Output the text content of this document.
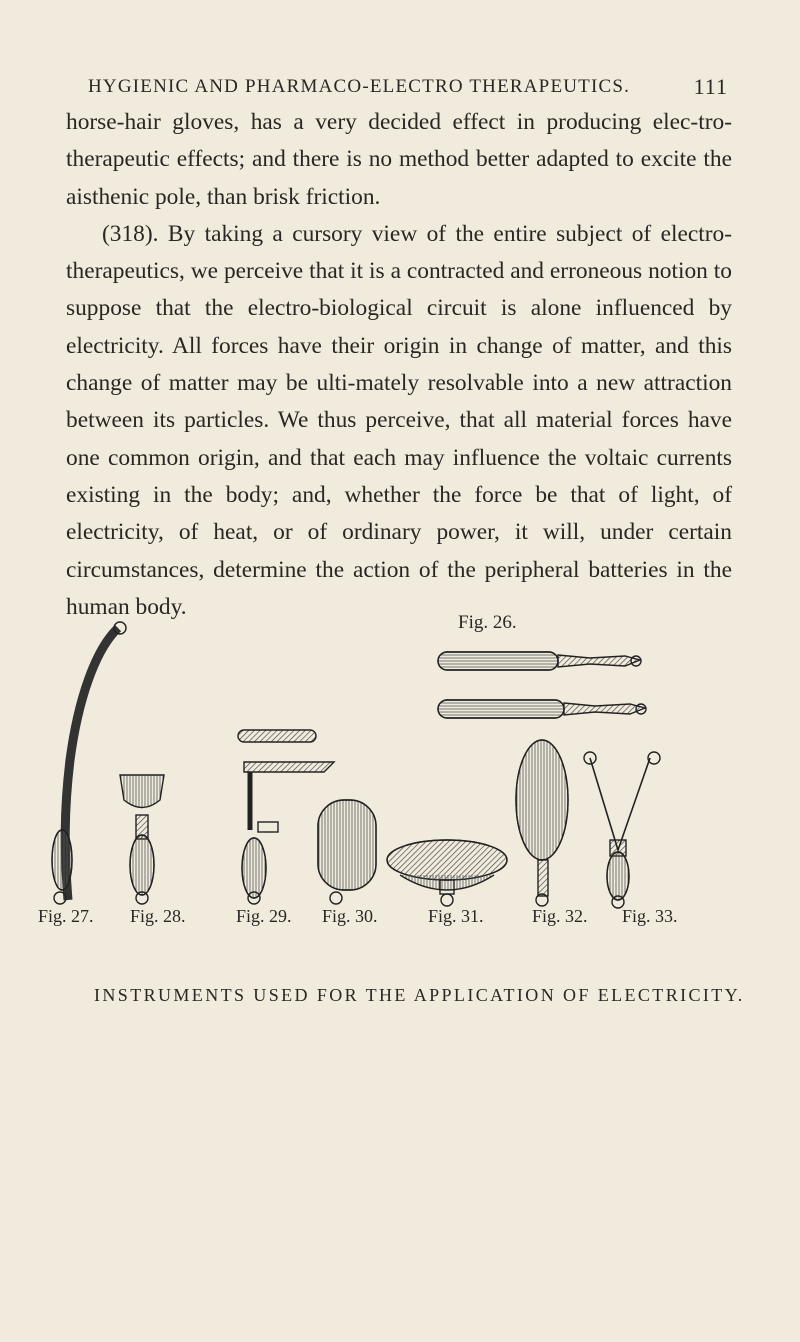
HYGIENIC AND PHARMACO-ELECTRO THERAPEUTICS.	111

horse-hair gloves, has a very decided effect in producing elec-tro-therapeutic effects; and there is no method better adapted to excite the aisthenic pole, than brisk friction.

(318). By taking a cursory view of the entire subject of electro-therapeutics, we perceive that it is a contracted and erroneous notion to suppose that the electro-biological circuit is alone influenced by electricity. All forces have their origin in change of matter, and this change of matter may be ulti-mately resolvable into a new attraction between its particles. We thus perceive, that all material forces have one common origin, and that each may influence the voltaic currents existing in the body; and, whether the force be that of light, of electricity, of heat, or of ordinary power, it will, under certain circumstances, determine the action of the peripheral batteries in the human body.

Fig. 26.
Fig. 27. Fig. 28.	Fig. 29. Fig. 30.	Fig. 31.	Fig. 32. Fig. 33.
INSTRUMENTS USED FOR THE APPLICATION OF ELECTRICITY.
